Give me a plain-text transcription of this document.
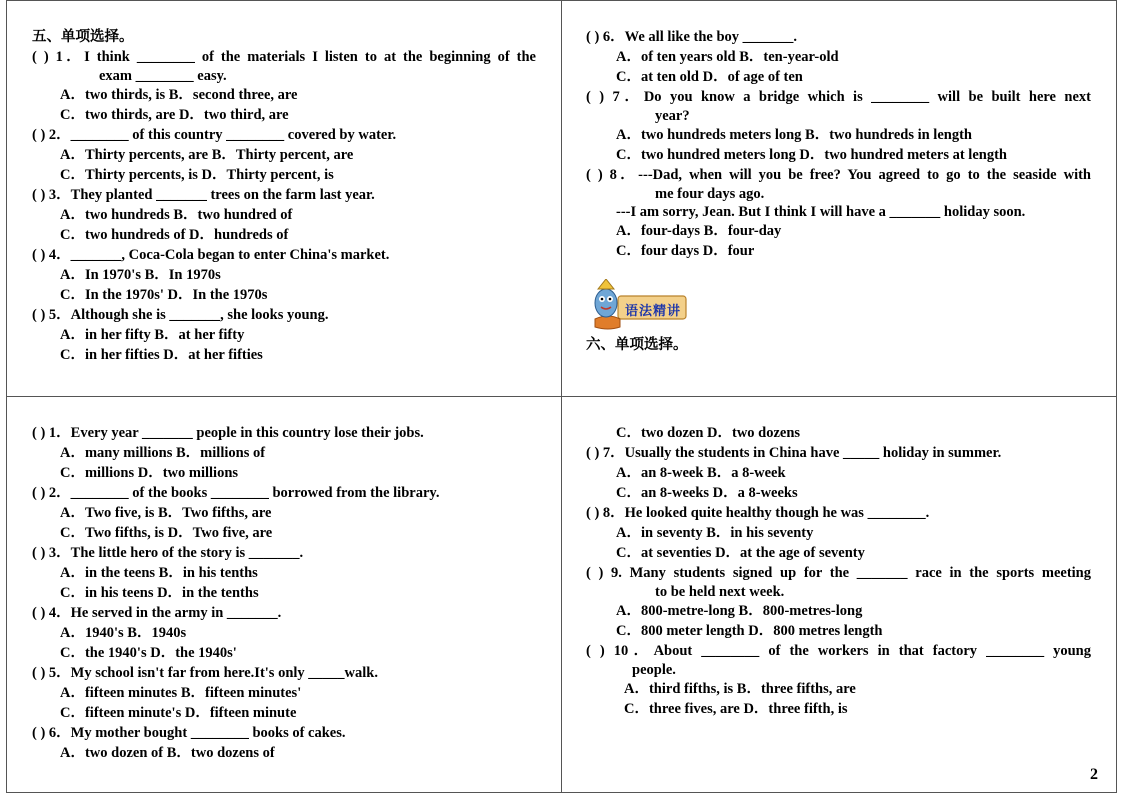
五、单项选择。
( ) 1．I think ________ of the materials I listen to at the beginning of the
exam ________ easy.
A．two thirds, is B．second three, are
C．two thirds, are D．two third, are
( ) 2．________ of this country ________ covered by water.
A．Thirty percents, are B．Thirty percent, are
C．Thirty percents, is D．Thirty percent, is
( ) 3．They planted _______ trees on the farm last year.
A．two hundreds B．two hundred of
C．two hundreds of D．hundreds of
( ) 4．_______, Coca-Cola began to enter China's market.
A．In 1970's B．In 1970s
C．In the 1970s' D．In the 1970s
( ) 5．Although she is _______, she looks young.
A．in her fifty B．at her fifty
C．in her fifties D．at her fifties
( ) 6．We all like the boy _______.
A．of ten years old B．ten-year-old
C．at ten old D．of age of ten
( ) 7．Do you know a bridge which is ________ will be built here next
year?
A．two hundreds meters long B．two hundreds in length
C．two hundred meters long D．two hundred meters at length
( ) 8．---Dad, when will you be free? You agreed to go to the seaside with
me four days ago.
---I am sorry, Jean. But I think I will have a _______ holiday soon.
A．four-days B．four-day
C．four days D．four
语法精讲
六、单项选择。
( ) 1．Every year _______ people in this country lose their jobs.
A．many millions B．millions of
C．millions D．two millions
( ) 2．________ of the books ________ borrowed from the library.
A．Two five, is B．Two fifths, are
C．Two fifths, is D．Two five, are
( ) 3．The little hero of the story is _______.
A．in the teens B．in his tenths
C．in his teens D．in the tenths
( ) 4．He served in the army in _______.
A．1940's B．1940s
C．the 1940's D．the 1940s'
( ) 5．My school isn't far from here.It's only _____walk.
A．fifteen minutes B．fifteen minutes'
C．fifteen minute's D．fifteen minute
( ) 6．My mother bought ________ books of cakes.
A．two dozen of B．two dozens of
C．two dozen D．two dozens
( ) 7．Usually the students in China have _____ holiday in summer.
A．an 8-week B．a 8-week
C．an 8-weeks D．a 8-weeks
( ) 8．He looked quite healthy though he was ________.
A．in seventy B．in his seventy
C．at seventies D．at the age of seventy
( ) 9. Many students signed up for the _______ race in the sports meeting
to be held next week.
A．800-metre-long B．800-metres-long
C．800 meter length D．800 metres length
( ) 10．About ________ of the workers in that factory ________ young
people.
A．third fifths, is B．three fifths, are
C．three fives, are D．three fifth, is
2
